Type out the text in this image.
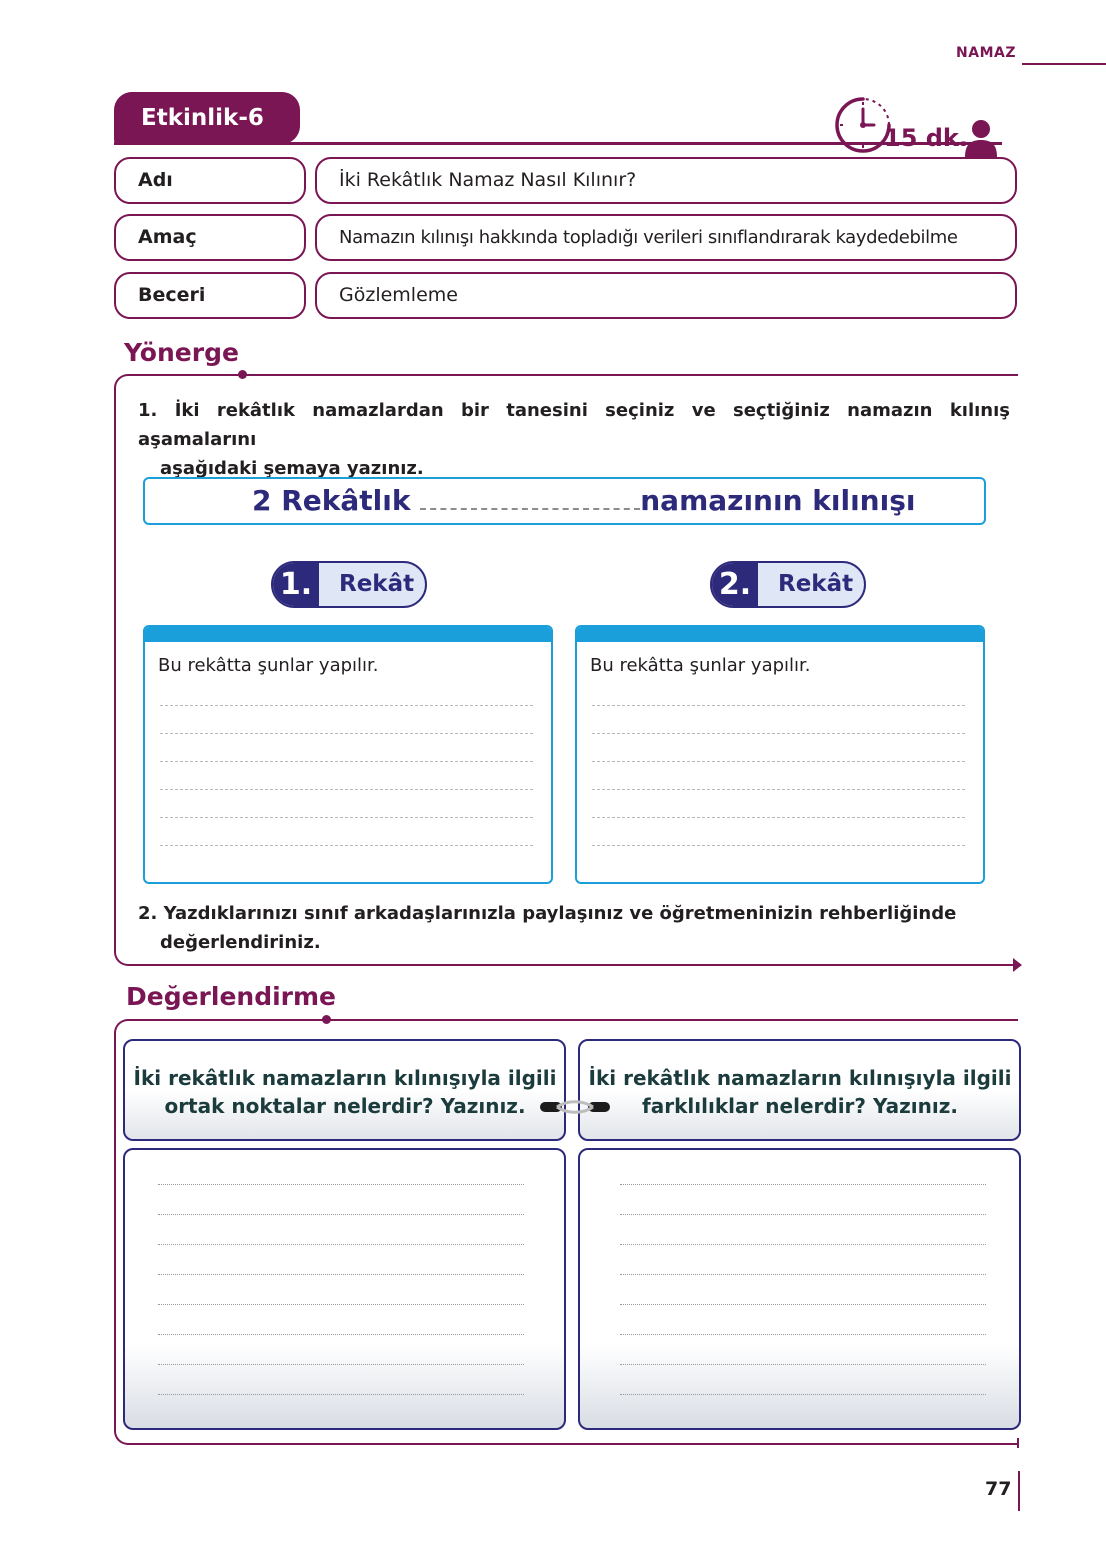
NAMAZ
Etkinlik-6
15 dk.
Adı	İki Rekâtlık Namaz Nasıl Kılınır?
Amaç	Namazın kılınışı hakkında topladığı verileri sınıflandırarak kaydedebilme
Beceri	Gözlemleme
Yönerge
1. İki rekâtlık namazlardan bir tanesini seçiniz ve seçtiğiniz namazın kılınış aşamalarını
aşağıdaki şemaya yazınız.
2 Rekâtlık	namazının kılınışı
1. Rekât	2. Rekât
Bu rekâtta şunlar yapılır.	Bu rekâtta şunlar yapılır.
2. Yazdıklarınızı sınıf arkadaşlarınızla paylaşınız ve öğretmeninizin rehberliğinde
değerlendiriniz.
Değerlendirme
İki rekâtlık namazların kılınışıyla ilgili
ortak noktalar nelerdir? Yazınız.
İki rekâtlık namazların kılınışıyla ilgili
farklılıklar nelerdir? Yazınız.
77
